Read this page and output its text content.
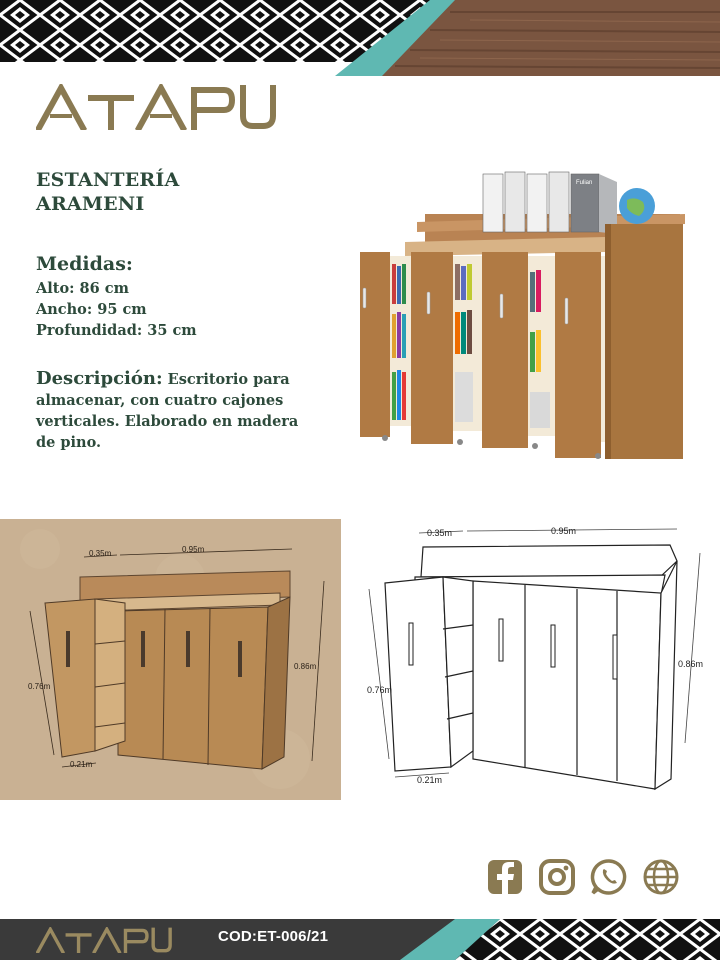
ESTANTERÍA
ARAMENI

Medidas:

Alto: 86 cm

Ancho: 95 cm

Profundidad: 35 cm

Descripción: Escritorio para almacenar, con cuatro cajones verticales. Elaborado en madera de pino.

Fulian
0.35m	0.95m
0.86m
0.76m
0.21m
0.35m	0.95m
0.86m
0.76m
0.21m
COD:ET-006/21
